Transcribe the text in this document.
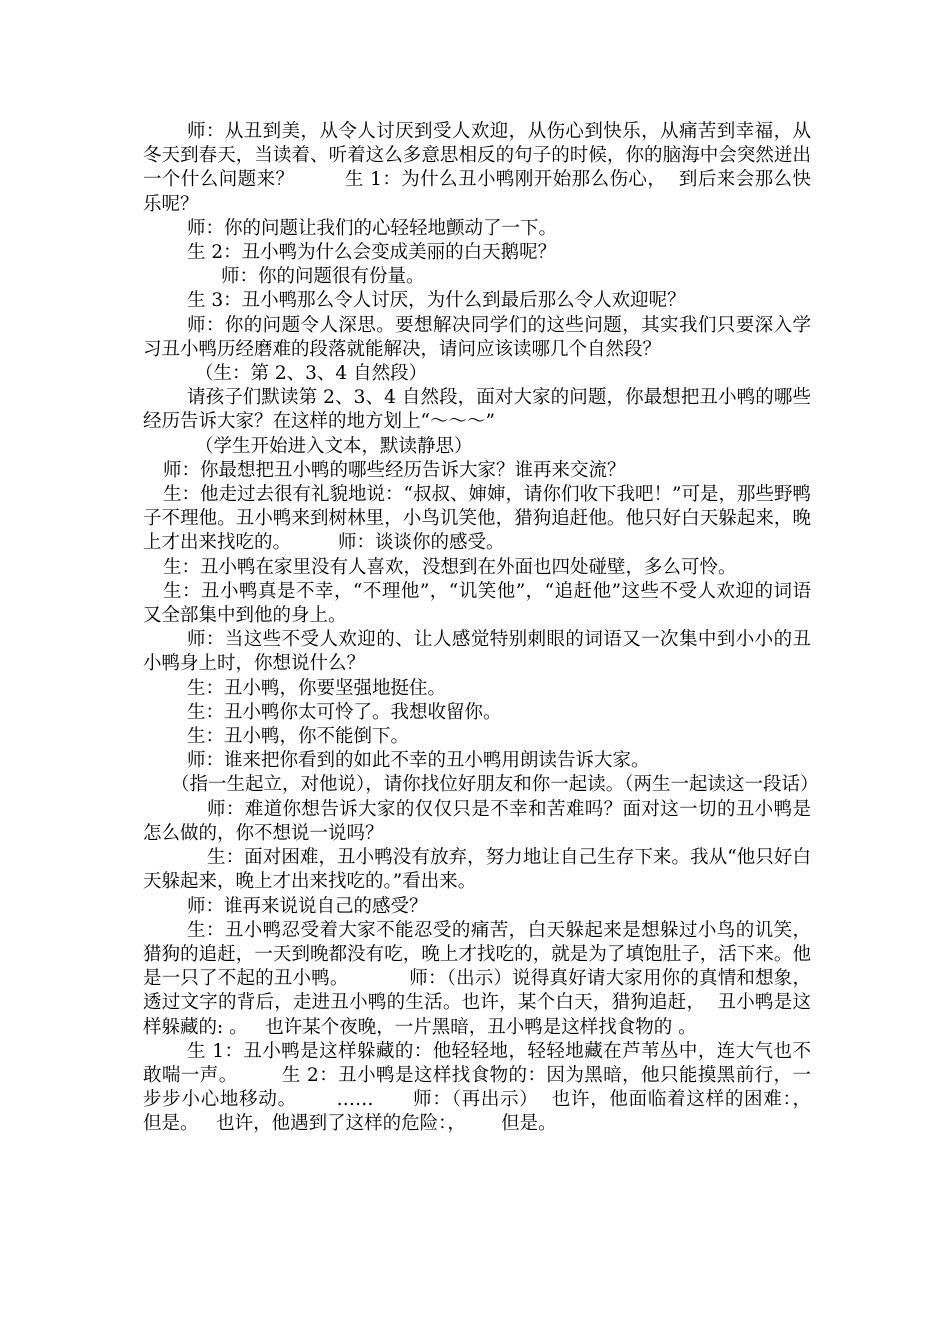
师：从丑到美，从令人讨厌到受人欢迎，从伤心到快乐，从痛苦到幸福，从冬天到春天，当读着、听着这么多意思相反的句子的时候，你的脑海中会突然迸出一个什么问题来？        生 1：为什么丑小鸭刚开始那么伤心，  到后来会那么快乐呢？

师：你的问题让我们的心轻轻地颤动了一下。

生 2：丑小鸭为什么会变成美丽的白天鹅呢？

师：你的问题很有份量。

生 3：丑小鸭那么令人讨厌，为什么到最后那么令人欢迎呢？

师：你的问题令人深思。要想解决同学们的这些问题，其实我们只要深入学习丑小鸭历经磨难的段落就能解决，请问应该读哪几个自然段？

（生：第 2、3、4 自然段）

请孩子们默读第 2、3、4 自然段，面对大家的问题，你最想把丑小鸭的哪些经历告诉大家？在这样的地方划上“～～～”

（学生开始进入文本，默读静思）

师：你最想把丑小鸭的哪些经历告诉大家？谁再来交流？

生：他走过去很有礼貌地说：“叔叔、婶婶，请你们收下我吧！”可是，那些野鸭子不理他。丑小鸭来到树林里，小鸟讥笑他，猎狗追赶他。他只好白天躲起来，晚上才出来找吃的。        师：谈谈你的感受。

生：丑小鸭在家里没有人喜欢，没想到在外面也四处碰壁，多么可怜。

生：丑小鸭真是不幸，“不理他”，“讥笑他”，“追赶他”这些不受人欢迎的词语又全部集中到他的身上。

师：当这些不受人欢迎的、让人感觉特别刺眼的词语又一次集中到小小的丑小鸭身上时，你想说什么？

生：丑小鸭，你要坚强地挺住。

生：丑小鸭你太可怜了。我想收留你。

生：丑小鸭，你不能倒下。

师：谁来把你看到的如此不幸的丑小鸭用朗读告诉大家。

（指一生起立，对他说），请你找位好朋友和你一起读。（两生一起读这一段话）

师：难道你想告诉大家的仅仅只是不幸和苦难吗？面对这一切的丑小鸭是怎么做的，你不想说一说吗？

生：面对困难，丑小鸭没有放弃，努力地让自己生存下来。我从“他只好白天躲起来，晚上才出来找吃的。”看出来。

师：谁再来说说自己的感受？

生：丑小鸭忍受着大家不能忍受的痛苦，白天躲起来是想躲过小鸟的讥笑，猎狗的追赶，一天到晚都没有吃，晚上才找吃的，就是为了填饱肚子，活下来。他是一只了不起的丑小鸭。          师：（出示）说得真好请大家用你的真情和想象，透过文字的背后，走进丑小鸭的生活。也许，某个白天，猎狗追赶，  丑小鸭是这样躲藏的: 。   也许某个夜晚，一片黑暗，丑小鸭是这样找食物的 。

生 1：丑小鸭是这样躲藏的：他轻轻地，轻轻地藏在芦苇丛中，连大气也不敢喘一声。       生 2：丑小鸭是这样找食物的：因为黑暗，他只能摸黑前行，一步步小心地移动。      ……      师：（再出示）  也许，他面临着这样的困难：，    但是。   也许，他遇到了这样的危险：，      但是。
